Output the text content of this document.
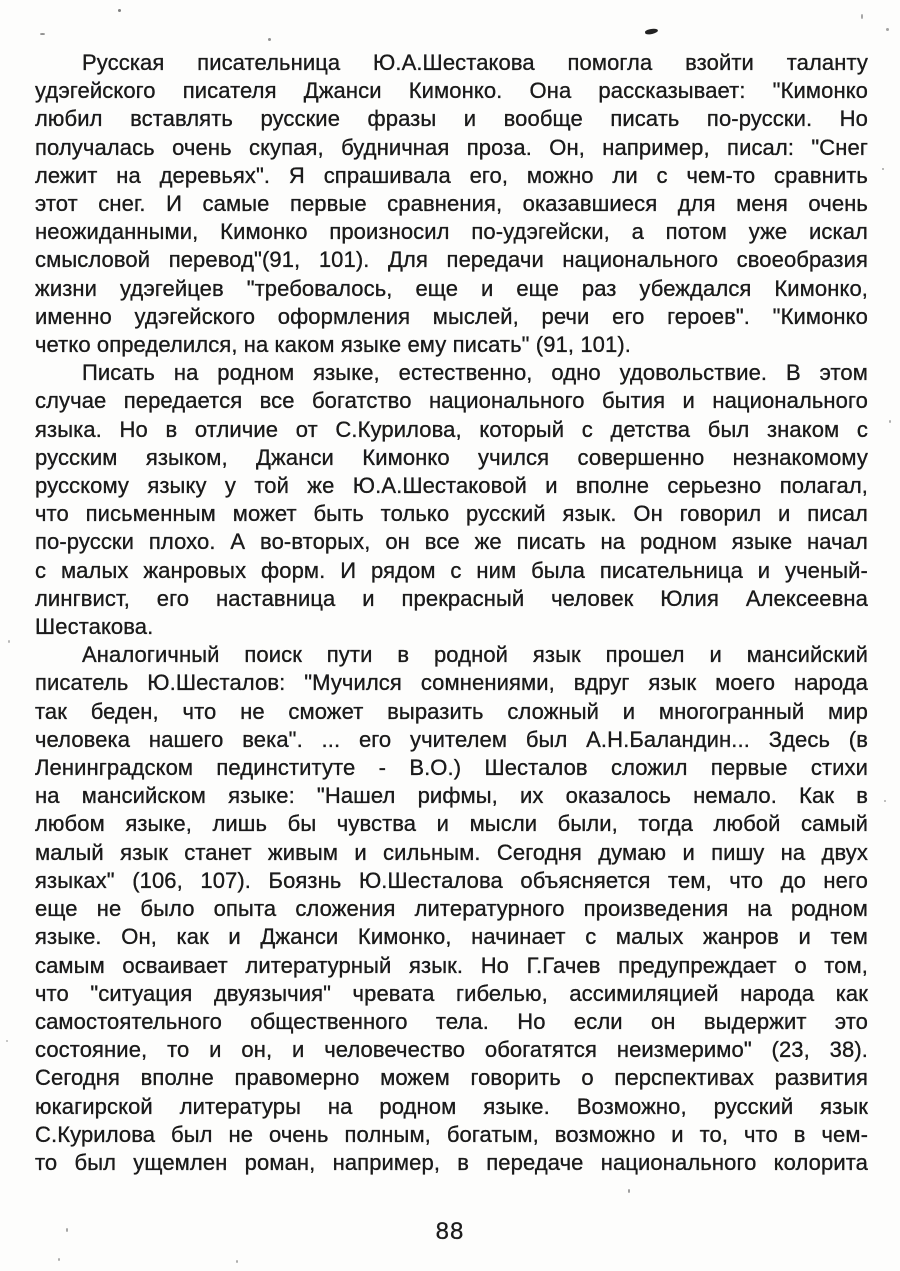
Русская писательница Ю.А.Шестакова помогла взойти таланту
удэгейского писателя Джанси Кимонко. Она рассказывает: "Кимонко
любил вставлять русские фразы и вообще писать по-русски. Но
получалась очень скупая, будничная проза. Он, например, писал: "Снег
лежит на деревьях". Я спрашивала его, можно ли с чем-то сравнить
этот снег. И самые первые сравнения, оказавшиеся для меня очень
неожиданными, Кимонко произносил по-удэгейски, а потом уже искал
смысловой перевод"(91, 101). Для передачи национального своеобразия
жизни удэгейцев "требовалось, еще и еще раз убеждался Кимонко,
именно удэгейского оформления мыслей, речи его героев". "Кимонко
четко определился, на каком языке ему писать" (91, 101).

Писать на родном языке, естественно, одно удовольствие. В этом
случае передается все богатство национального бытия и национального
языка. Но в отличие от С.Курилова, который с детства был знаком с
русским языком, Джанси Кимонко учился совершенно незнакомому
русскому языку у той же Ю.А.Шестаковой и вполне серьезно полагал,
что письменным может быть только русский язык. Он говорил и писал
по-русски плохо. А во-вторых, он все же писать на родном языке начал
с малых жанровых форм. И рядом с ним была писательница и ученый-
лингвист, его наставница и прекрасный человек Юлия Алексеевна
Шестакова.

Аналогичный поиск пути в родной язык прошел и мансийский
писатель Ю.Шесталов: "Мучился сомнениями, вдруг язык моего народа
так беден, что не сможет выразить сложный и многогранный мир
человека нашего века". ... его учителем был А.Н.Баландин... Здесь (в
Ленинградском пединституте - В.О.) Шесталов сложил первые стихи
на мансийском языке: "Нашел рифмы, их оказалось немало. Как в
любом языке, лишь бы чувства и мысли были, тогда любой самый
малый язык станет живым и сильным. Сегодня думаю и пишу на двух
языках" (106, 107). Боязнь Ю.Шесталова объясняется тем, что до него
еще не было опыта сложения литературного произведения на родном
языке. Он, как и Джанси Кимонко, начинает с малых жанров и тем
самым осваивает литературный язык. Но Г.Гачев предупреждает о том,
что "ситуация двуязычия" чревата гибелью, ассимиляцией народа как
самостоятельного общественного тела. Но если он выдержит это
состояние, то и он, и человечество обогатятся неизмеримо" (23, 38).
Сегодня вполне правомерно можем говорить о перспективах развития
юкагирской литературы на родном языке. Возможно, русский язык
С.Курилова был не очень полным, богатым, возможно и то, что в чем-
то был ущемлен роман, например, в передаче национального колорита

88
